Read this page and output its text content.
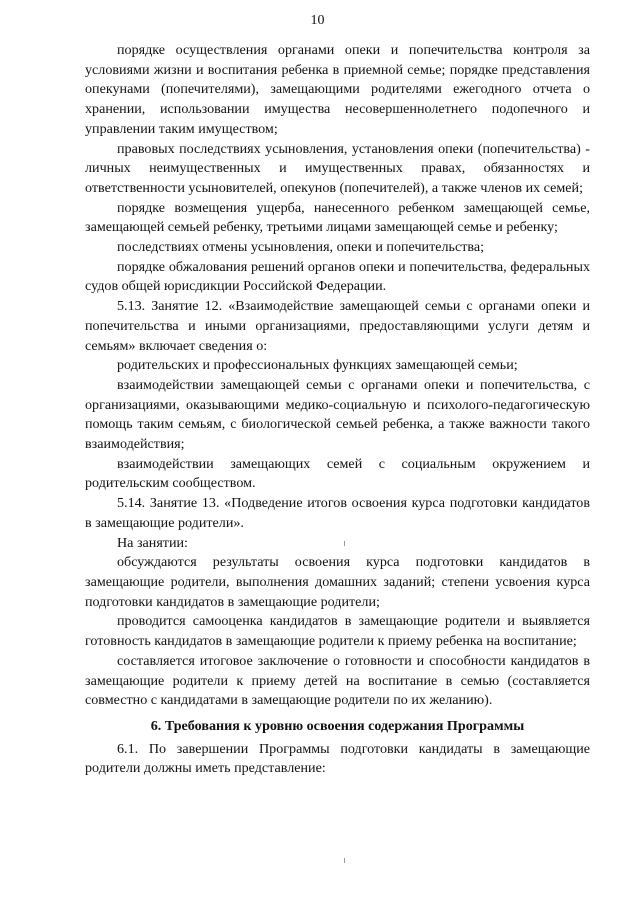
10

порядке осуществления органами опеки и попечительства контроля за условиями жизни и воспитания ребенка в приемной семье; порядке представления опекунами (попечителями), замещающими родителями ежегодного отчета о хранении, использовании имущества несовершеннолетнего подопечного и управлении таким имуществом;

правовых последствиях усыновления, установления опеки (попечительства) - личных неимущественных и имущественных правах, обязанностях и ответственности усыновителей, опекунов (попечителей), а также членов их семей;

порядке возмещения ущерба, нанесенного ребенком замещающей семье, замещающей семьей ребенку, третьими лицами замещающей семье и ребенку;

последствиях отмены усыновления, опеки и попечительства;

порядке обжалования решений органов опеки и попечительства, федеральных судов общей юрисдикции Российской Федерации.

5.13. Занятие 12. «Взаимодействие замещающей семьи с органами опеки и попечительства и иными организациями, предоставляющими услуги детям и семьям» включает сведения о:

родительских и профессиональных функциях замещающей семьи;

взаимодействии замещающей семьи с органами опеки и попечительства, с организациями, оказывающими медико-социальную и психолого-педагогическую помощь таким семьям, с биологической семьей ребенка, а также важности такого взаимодействия;

взаимодействии замещающих семей с социальным окружением и родительским сообществом.

5.14. Занятие 13. «Подведение итогов освоения курса подготовки кандидатов в замещающие родители».

На занятии:

обсуждаются результаты освоения курса подготовки кандидатов в замещающие родители, выполнения домашних заданий; степени усвоения курса подготовки кандидатов в замещающие родители;

проводится самооценка кандидатов в замещающие родители и выявляется готовность кандидатов в замещающие родители к приему ребенка на воспитание;

составляется итоговое заключение о готовности и способности кандидатов в замещающие родители к приему детей на воспитание в семью (составляется совместно с кандидатами в замещающие родители по их желанию).

6. Требования к уровню освоения содержания Программы

6.1. По завершении Программы подготовки кандидаты в замещающие родители должны иметь представление:
